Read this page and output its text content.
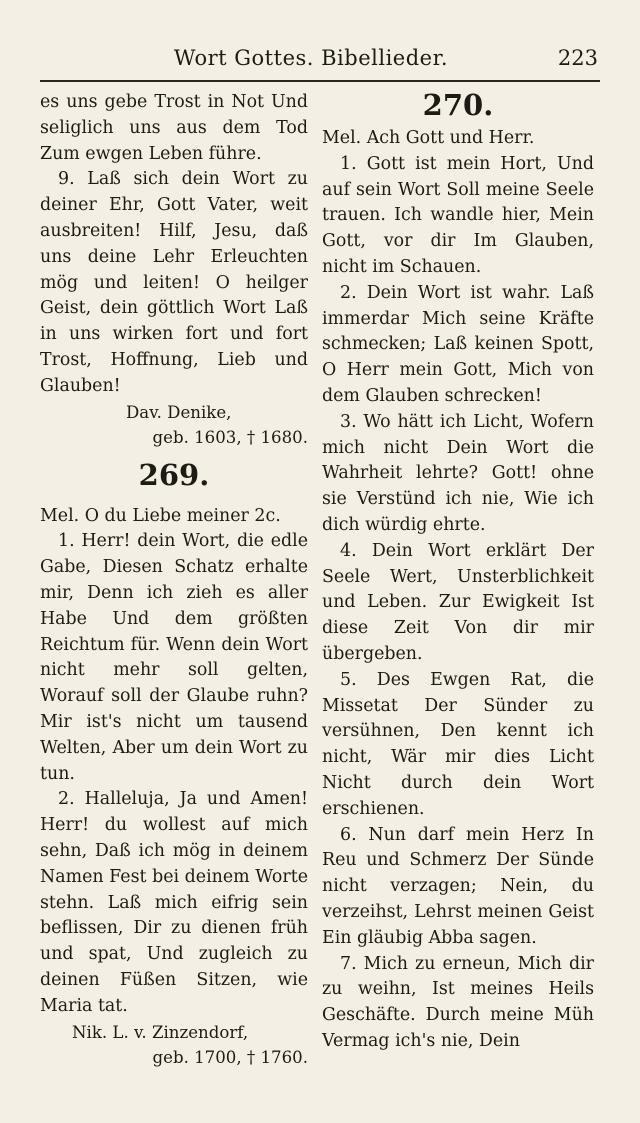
Wort Gottes. Bibellieder.	223

es uns gebe Trost in Not Und seliglich uns aus dem Tod Zum ewgen Leben führe.

9. Laß sich dein Wort zu deiner Ehr, Gott Vater, weit ausbreiten! Hilf, Jesu, daß uns deine Lehr Erleuchten mög und leiten! O heilger Geist, dein göttlich Wort Laß in uns wirken fort und fort Trost, Hoffnung, Lieb und Glauben!

Dav. Denike,

geb. 1603, † 1680.

269.

Mel. O du Liebe meiner 2c.

1. Herr! dein Wort, die edle Gabe, Diesen Schatz erhalte mir, Denn ich zieh es aller Habe Und dem größten Reichtum für. Wenn dein Wort nicht mehr soll gelten, Worauf soll der Glaube ruhn? Mir ist's nicht um tausend Welten, Aber um dein Wort zu tun.

2. Halleluja, Ja und Amen! Herr! du wollest auf mich sehn, Daß ich mög in deinem Namen Fest bei deinem Worte stehn. Laß mich eifrig sein beflissen, Dir zu dienen früh und spat, Und zugleich zu deinen Füßen Sitzen, wie Maria tat.

Nik. L. v. Zinzendorf,

geb. 1700, † 1760.

270.

Mel. Ach Gott und Herr.

1. Gott ist mein Hort, Und auf sein Wort Soll meine Seele trauen. Ich wandle hier, Mein Gott, vor dir Im Glauben, nicht im Schauen.

2. Dein Wort ist wahr. Laß immerdar Mich seine Kräfte schmecken; Laß keinen Spott, O Herr mein Gott, Mich von dem Glauben schrecken!

3. Wo hätt ich Licht, Wofern mich nicht Dein Wort die Wahrheit lehrte? Gott! ohne sie Verstünd ich nie, Wie ich dich würdig ehrte.

4. Dein Wort erklärt Der Seele Wert, Unsterblichkeit und Leben. Zur Ewigkeit Ist diese Zeit Von dir mir übergeben.

5. Des Ewgen Rat, die Missetat Der Sünder zu versühnen, Den kennt ich nicht, Wär mir dies Licht Nicht durch dein Wort erschienen.

6. Nun darf mein Herz In Reu und Schmerz Der Sünde nicht verzagen; Nein, du verzeihst, Lehrst meinen Geist Ein gläubig Abba sagen.

7. Mich zu erneun, Mich dir zu weihn, Ist meines Heils Geschäfte. Durch meine Müh Vermag ich's nie, Dein
